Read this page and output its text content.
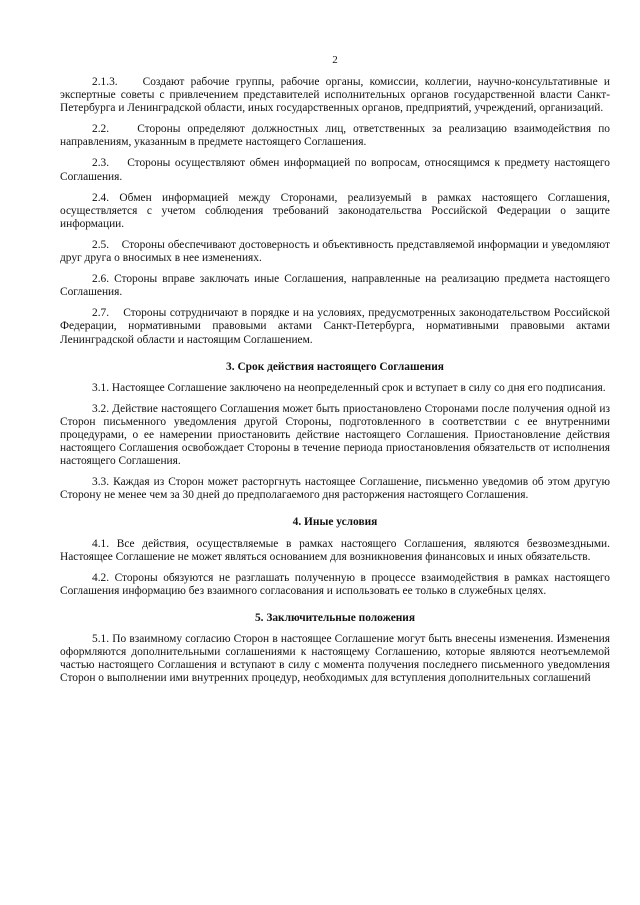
2

2.1.3.    Создают рабочие группы, рабочие органы, комиссии, коллегии, научно-консультативные и экспертные советы с привлечением представителей исполнительных органов государственной власти Санкт-Петербурга и Ленинградской области, иных государственных органов, предприятий, учреждений, организаций.

2.2.    Стороны определяют должностных лиц, ответственных за реализацию взаимодействия по направлениям, указанным в предмете настоящего Соглашения.

2.3.    Стороны осуществляют обмен информацией по вопросам, относящимся к предмету настоящего Соглашения.

2.4. Обмен информацией между Сторонами, реализуемый в рамках настоящего Соглашения, осуществляется с учетом соблюдения требований законодательства Российской Федерации о защите информации.

2.5.    Стороны обеспечивают достоверность и объективность представляемой информации и уведомляют друг друга о вносимых в нее изменениях.

2.6. Стороны вправе заключать иные Соглашения, направленные на реализацию предмета настоящего Соглашения.

2.7.    Стороны сотрудничают в порядке и на условиях, предусмотренных законодательством Российской Федерации, нормативными правовыми актами Санкт-Петербурга, нормативными правовыми актами Ленинградской области и настоящим Соглашением.

3. Срок действия настоящего Соглашения

3.1. Настоящее Соглашение заключено на неопределенный срок и вступает в силу со дня его подписания.

3.2. Действие настоящего Соглашения может быть приостановлено Сторонами после получения одной из Сторон письменного уведомления другой Стороны, подготовленного в соответствии с ее внутренними процедурами, о ее намерении приостановить действие настоящего Соглашения. Приостановление действия настоящего Соглашения освобождает Стороны в течение периода приостановления обязательств от исполнения настоящего Соглашения.

3.3. Каждая из Сторон может расторгнуть настоящее Соглашение, письменно уведомив об этом другую Сторону не менее чем за 30 дней до предполагаемого дня расторжения настоящего Соглашения.

4. Иные условия

4.1. Все действия, осуществляемые в рамках настоящего Соглашения, являются безвозмездными. Настоящее Соглашение не может являться основанием для возникновения финансовых и иных обязательств.

4.2. Стороны обязуются не разглашать полученную в процессе взаимодействия в рамках настоящего Соглашения информацию без взаимного согласования и использовать ее только в служебных целях.

5. Заключительные положения

5.1. По взаимному согласию Сторон в настоящее Соглашение могут быть внесены изменения. Изменения оформляются дополнительными соглашениями к настоящему Соглашению, которые являются неотъемлемой частью настоящего Соглашения и вступают в силу с момента получения последнего письменного уведомления Сторон о выполнении ими внутренних процедур, необходимых для вступления дополнительных соглашений
